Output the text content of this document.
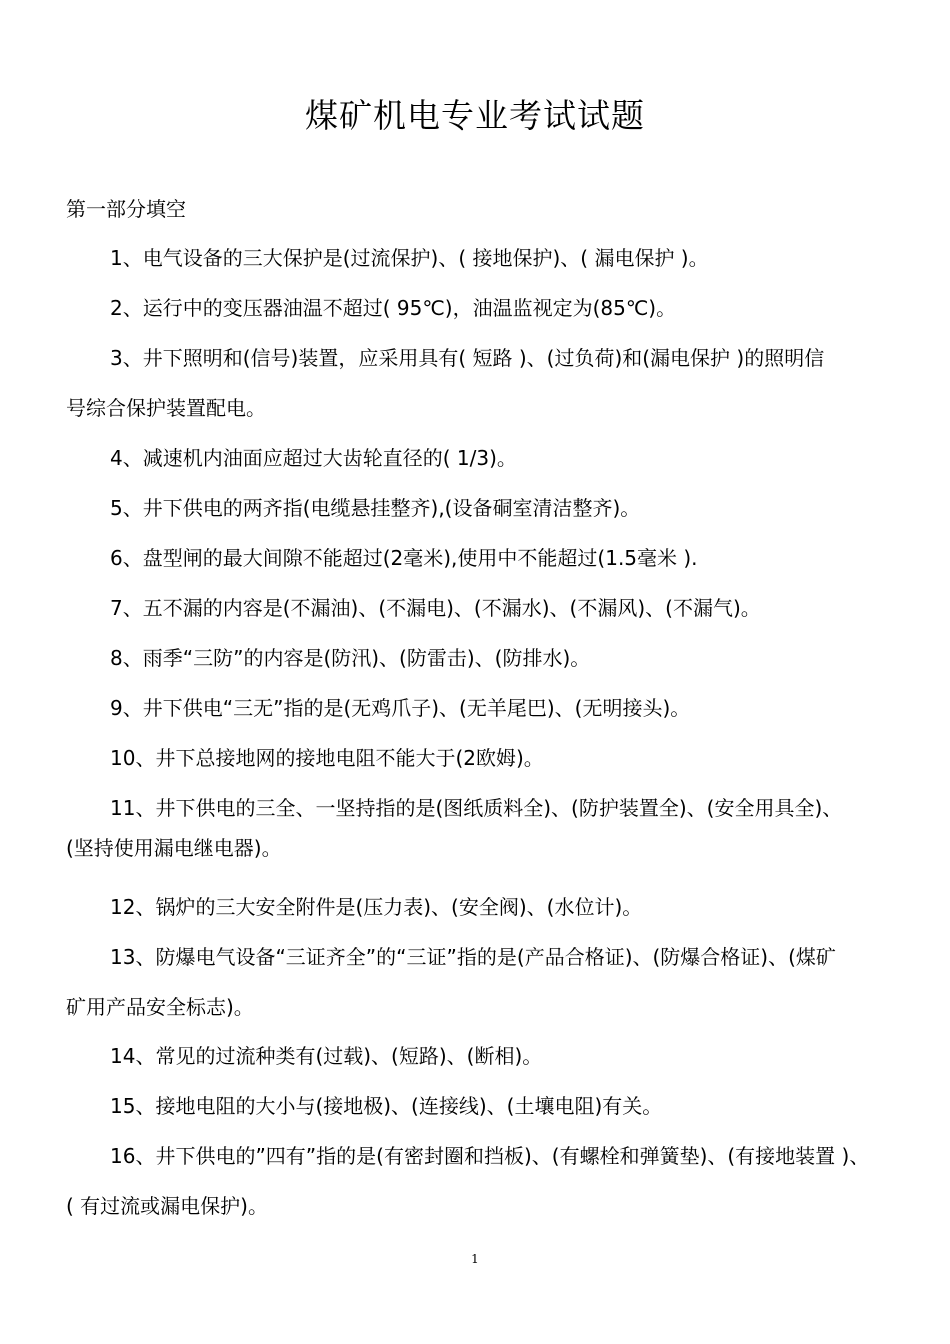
煤矿机电专业考试试题
第一部分填空
1、电气设备的三大保护是(过流保护)、( 接地保护)、( 漏电保护 )。
2、运行中的变压器油温不超过( 95℃)，油温监视定为(85℃)。
3、井下照明和(信号)装置，应采用具有( 短路 )、(过负荷)和(漏电保护 )的照明信
号综合保护装置配电。
4、减速机内油面应超过大齿轮直径的( 1/3)。
5、井下供电的两齐指(电缆悬挂整齐),(设备硐室清洁整齐)。
6、盘型闸的最大间隙不能超过(2毫米),使用中不能超过(1.5毫米 ).
7、五不漏的内容是(不漏油)、(不漏电)、(不漏水)、(不漏风)、(不漏气)。
8、雨季“三防”的内容是(防汛)、(防雷击)、(防排水)。
9、井下供电“三无”指的是(无鸡爪子)、(无羊尾巴)、(无明接头)。
10、井下总接地网的接地电阻不能大于(2欧姆)。
11、井下供电的三全、一坚持指的是(图纸质料全)、(防护装置全)、(安全用具全)、
(坚持使用漏电继电器)。
12、锅炉的三大安全附件是(压力表)、(安全阀)、(水位计)。
13、防爆电气设备“三证齐全”的“三证”指的是(产品合格证)、(防爆合格证)、(煤矿
矿用产品安全标志)。
14、常见的过流种类有(过载)、(短路)、(断相)。
15、接地电阻的大小与(接地极)、(连接线)、(土壤电阻)有关。
16、井下供电的”四有”指的是(有密封圈和挡板)、(有螺栓和弹簧垫)、(有接地装置 )、
( 有过流或漏电保护)。
1
